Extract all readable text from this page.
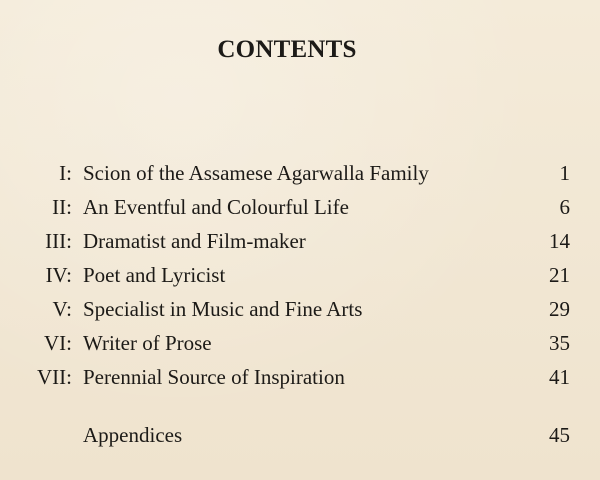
CONTENTS
I: Scion of the Assamese Agarwalla Family	1
II: An Eventful and Colourful Life	6
III: Dramatist and Film-maker	14
IV: Poet and Lyricist	21
V: Specialist in Music and Fine Arts	29
VI: Writer of Prose	35
VII: Perennial Source of Inspiration	41
Appendices	45
